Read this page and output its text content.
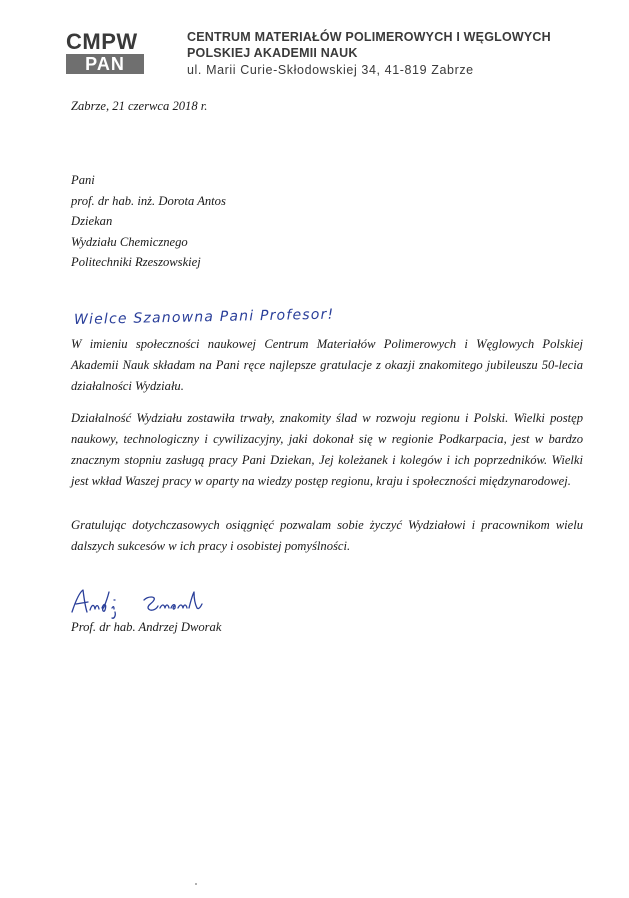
CMPW
PAN
CENTRUM MATERIAŁÓW POLIMEROWYCH I WĘGLOWYCH
POLSKIEJ AKADEMII NAUK
ul. Marii Curie-Skłodowskiej 34, 41-819 Zabrze
Zabrze, 21 czerwca 2018 r.
Pani
prof. dr hab. inż. Dorota Antos
Dziekan
Wydziału Chemicznego
Politechniki Rzeszowskiej
Wielce Szanowna Pani Profesor!
W imieniu społeczności naukowej Centrum Materiałów Polimerowych i Węglowych Polskiej Akademii Nauk składam na Pani ręce najlepsze gratulacje z okazji znakomitego jubileuszu 50-lecia działalności Wydziału.
Działalność Wydziału zostawiła trwały, znakomity ślad w rozwoju regionu i Polski. Wielki postęp naukowy, technologiczny i cywilizacyjny, jaki dokonał się w regionie Podkarpacia, jest w bardzo znacznym stopniu zasługą pracy Pani Dziekan, Jej koleżanek i kolegów i ich poprzedników. Wielki jest wkład Waszej pracy w oparty na wiedzy postęp regionu, kraju i społeczności międzynarodowej.
Gratulując dotychczasowych osiągnięć pozwalam sobie życzyć Wydziałowi i pracownikom wielu dalszych sukcesów w ich pracy i osobistej pomyślności.
Prof. dr hab. Andrzej Dworak
